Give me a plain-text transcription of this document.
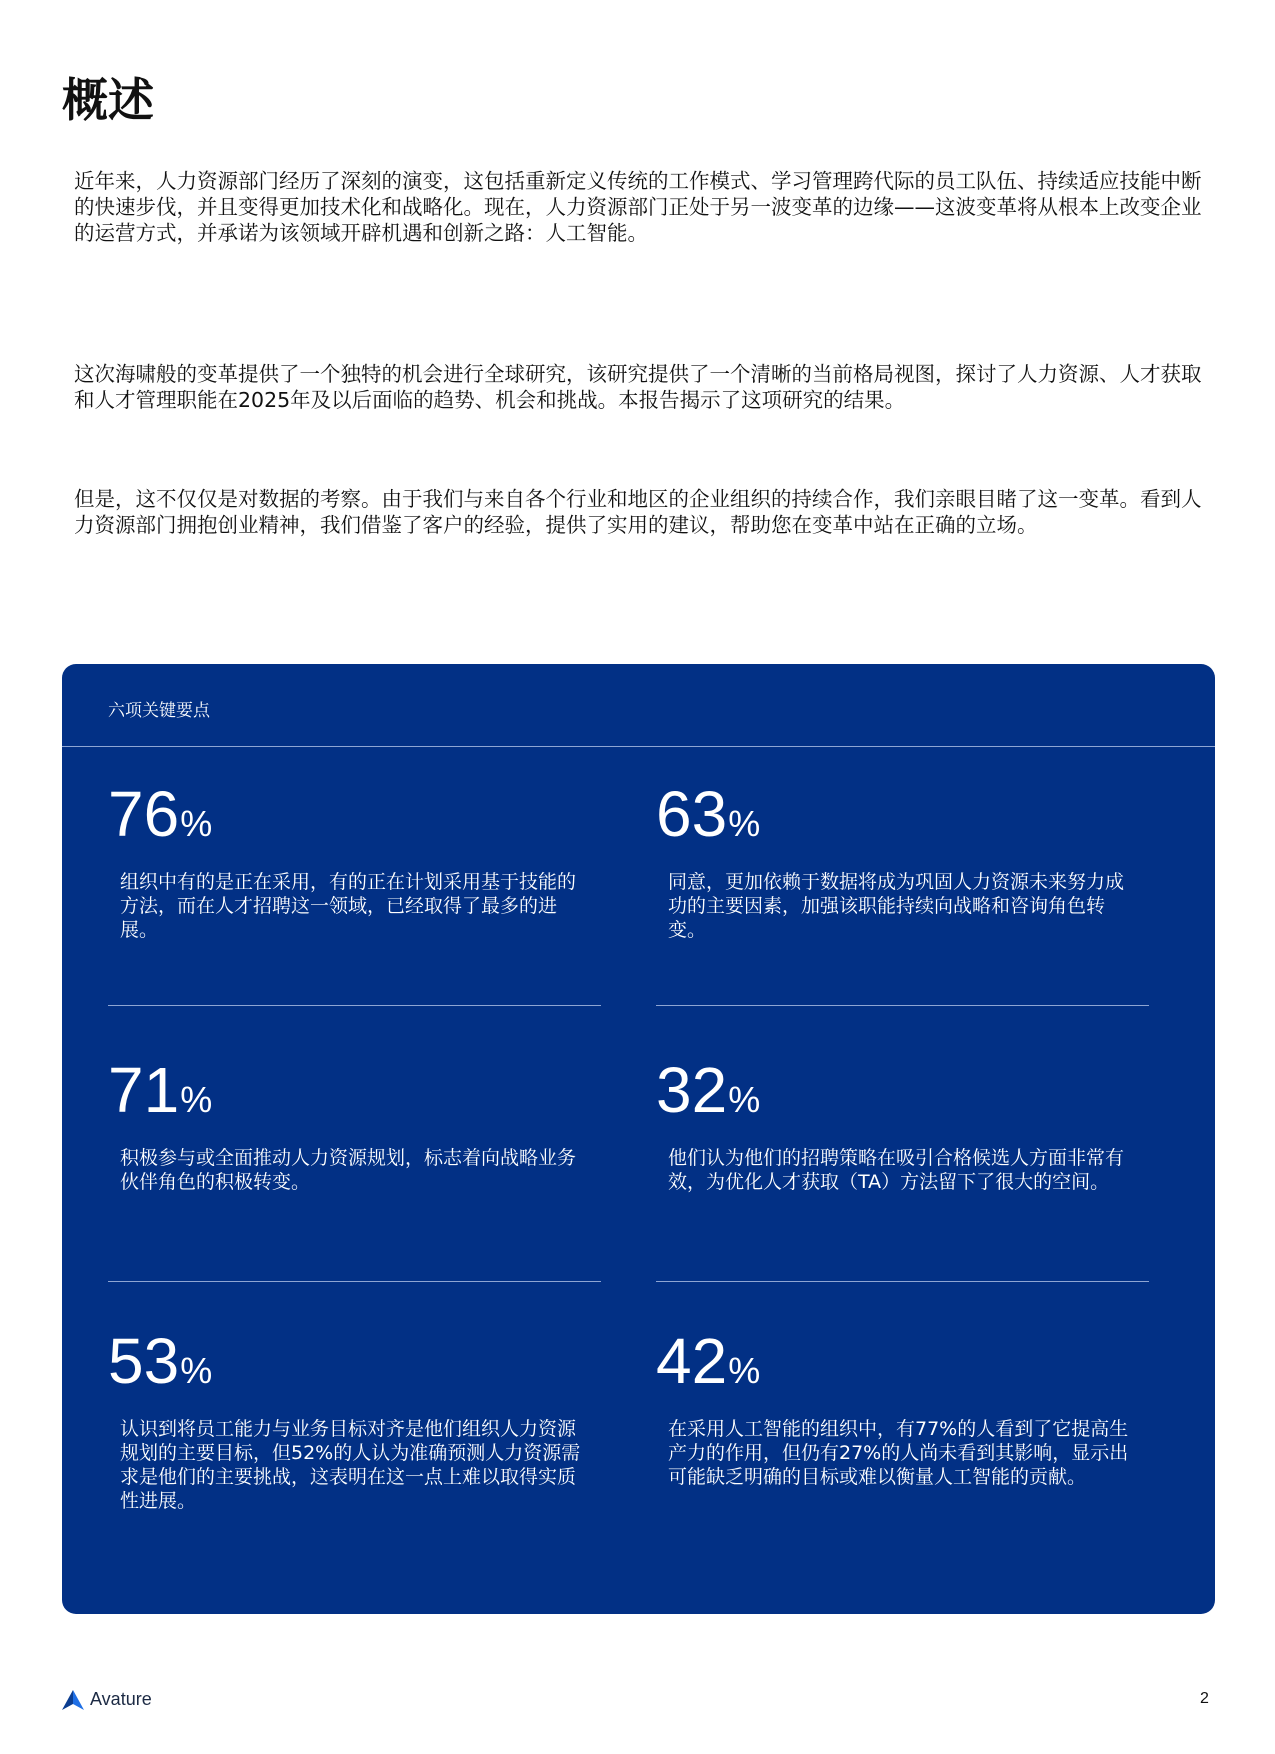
概述

近年来，人力资源部门经历了深刻的演变，这包括重新定义传统的工作模式、学习管理跨代际的员工队伍、持续适应技能中断的快速步伐，并且变得更加技术化和战略化。现在，人力资源部门正处于另一波变革的边缘——这波变革将从根本上改变企业的运营方式，并承诺为该领域开辟机遇和创新之路：人工智能。

这次海啸般的变革提供了一个独特的机会进行全球研究，该研究提供了一个清晰的当前格局视图，探讨了人力资源、人才获取和人才管理职能在2025年及以后面临的趋势、机会和挑战。本报告揭示了这项研究的结果。

但是，这不仅仅是对数据的考察。由于我们与来自各个行业和地区的企业组织的持续合作，我们亲眼目睹了这一变革。看到人力资源部门拥抱创业精神，我们借鉴了客户的经验，提供了实用的建议，帮助您在变革中站在正确的立场。

六项关键要点
76 %

组织中有的是正在采用，有的正在计划采用基于技能的方法，而在人才招聘这一领域，已经取得了最多的进展。

63 %

同意，更加依赖于数据将成为巩固人力资源未来努力成功的主要因素，加强该职能持续向战略和咨询角色转变。

71 %

积极参与或全面推动人力资源规划，标志着向战略业务伙伴角色的积极转变。

32 %

他们认为他们的招聘策略在吸引合格候选人方面非常有效，为优化人才获取（TA）方法留下了很大的空间。

53 %

认识到将员工能力与业务目标对齐是他们组织人力资源规划的主要目标，但52%的人认为准确预测人力资源需求是他们的主要挑战，这表明在这一点上难以取得实质性进展。

42 %

在采用人工智能的组织中，有77%的人看到了它提高生产力的作用，但仍有27%的人尚未看到其影响，显示出可能缺乏明确的目标或难以衡量人工智能的贡献。

Avature	2
